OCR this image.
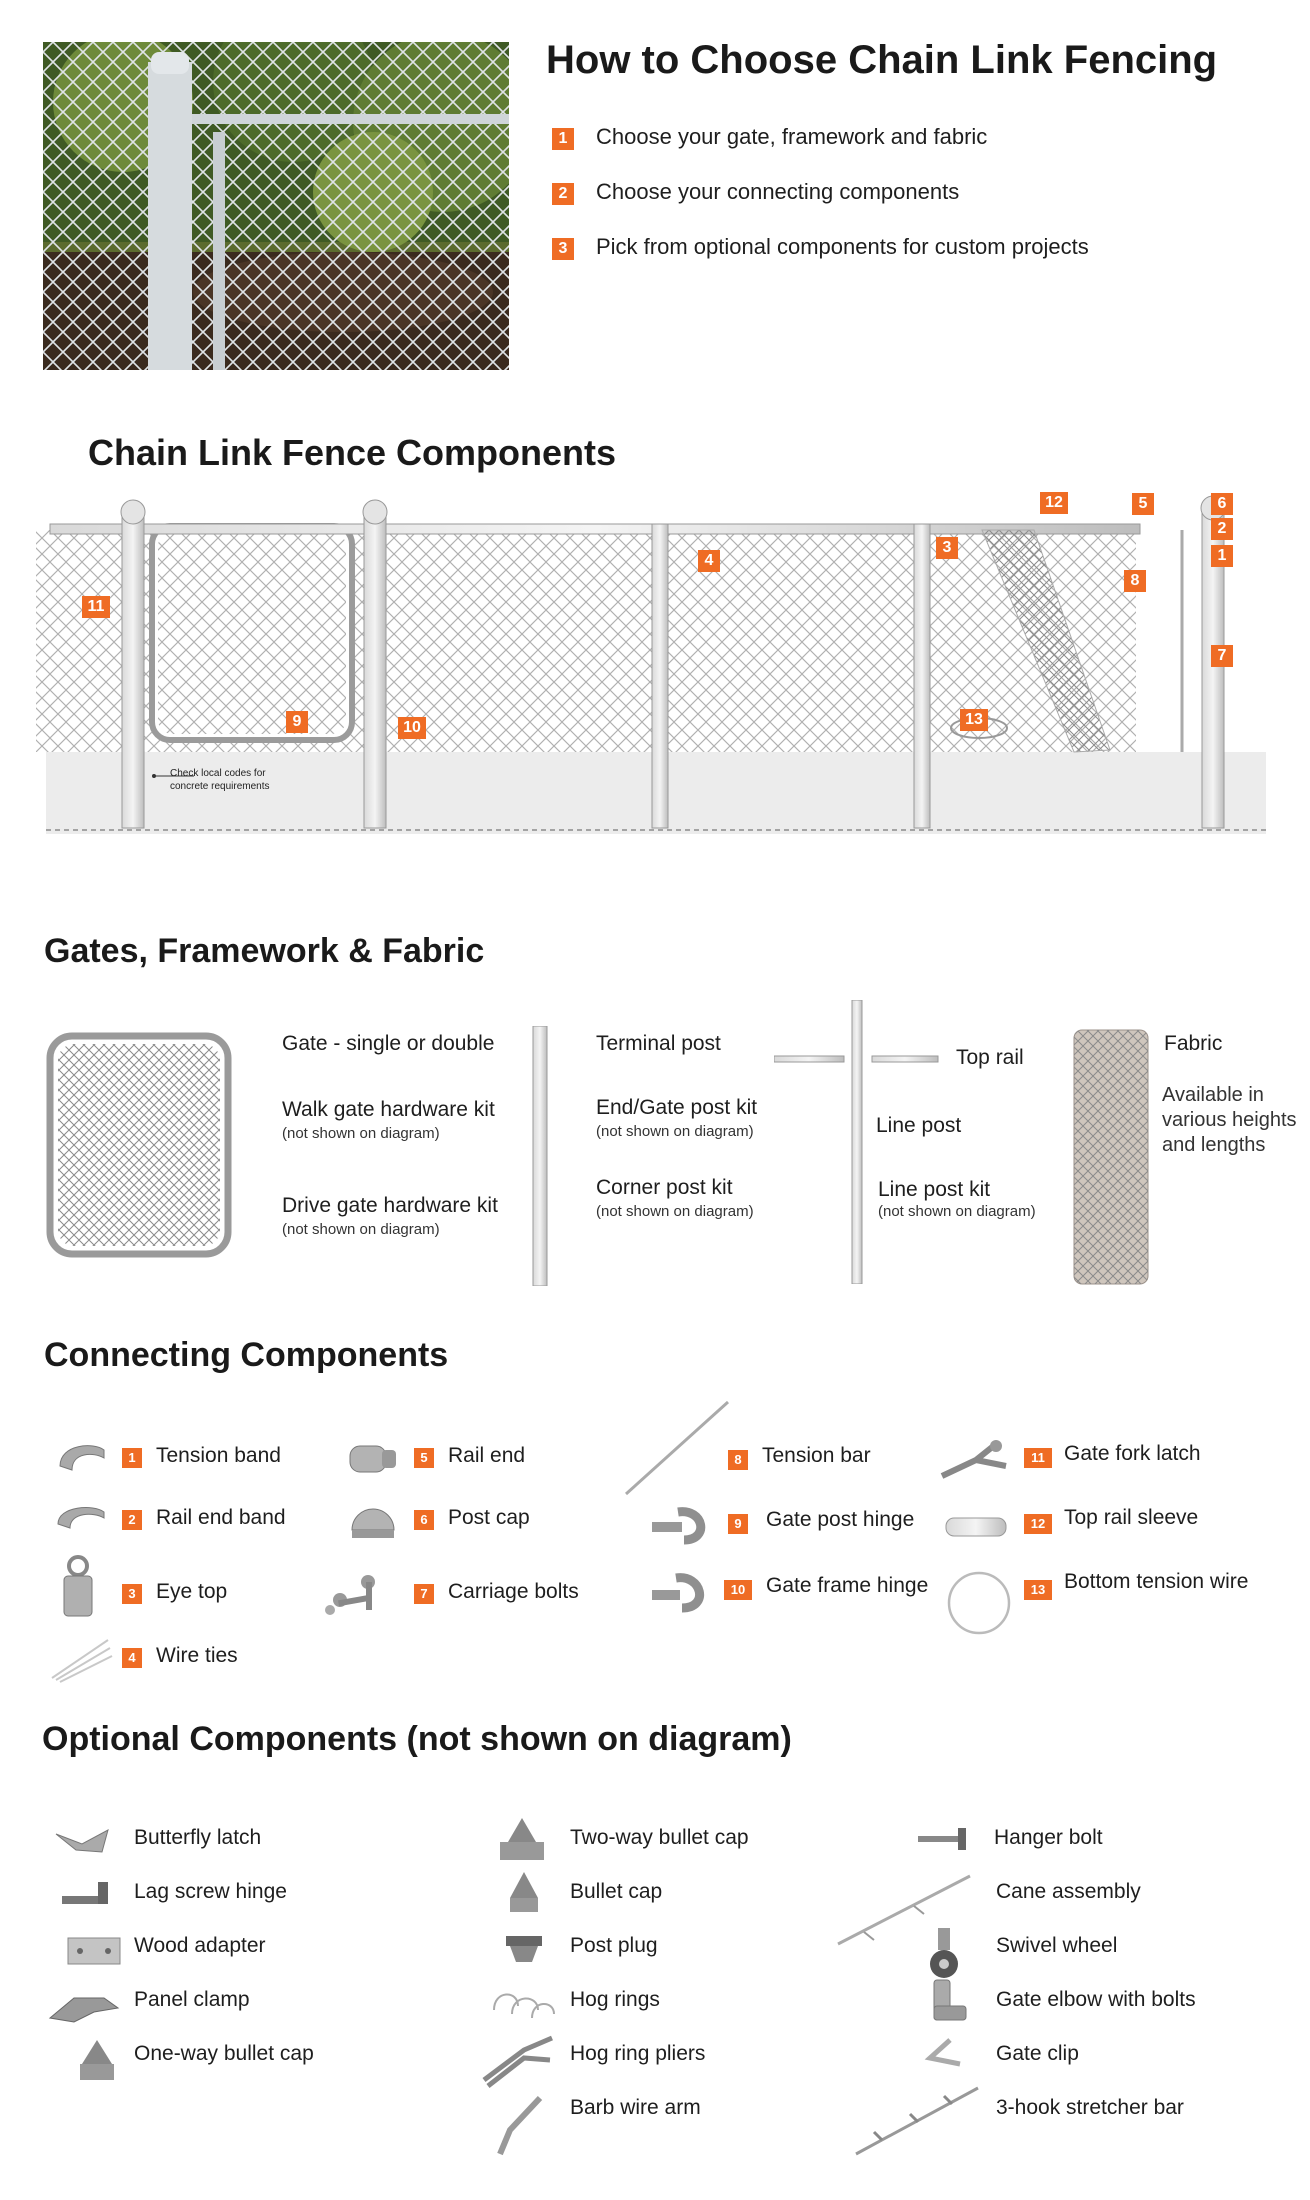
How to Choose Chain Link Fencing
1 Choose your gate, framework and fabric
2 Choose your connecting components
3 Pick from optional components for custom projects
Chain Link Fence Components
Check local codes for
concrete requirements
1
2
3
4
5	6
7
8
9	10
11
12
13
Gates, Framework & Fabric
Gate - single or double
Walk gate hardware kit
(not shown on diagram)
Drive gate hardware kit
(not shown on diagram)
Terminal post
End/Gate post kit
(not shown on diagram)
Corner post kit
(not shown on diagram)
Top rail
Line post
Line post kit
(not shown on diagram)
Fabric
Available in
various heights
and lengths
Connecting Components
1 Tension band
2 Rail end band
3 Eye top
4 Wire ties
5 Rail end
6 Post cap
7 Carriage bolts
8 Tension bar
9	Gate post hinge
10 Gate frame hinge
11 Gate fork latch
12 Top rail sleeve
13 Bottom tension wire
Optional Components (not shown on diagram)
Butterfly latch
Lag screw hinge
Wood adapter
Panel clamp
One-way bullet cap
Two-way bullet cap
Bullet cap
Post plug
Hog rings
Hog ring pliers
Barb wire arm
Hanger bolt
Cane assembly
Swivel wheel
Gate elbow with bolts
Gate clip
3-hook stretcher bar
